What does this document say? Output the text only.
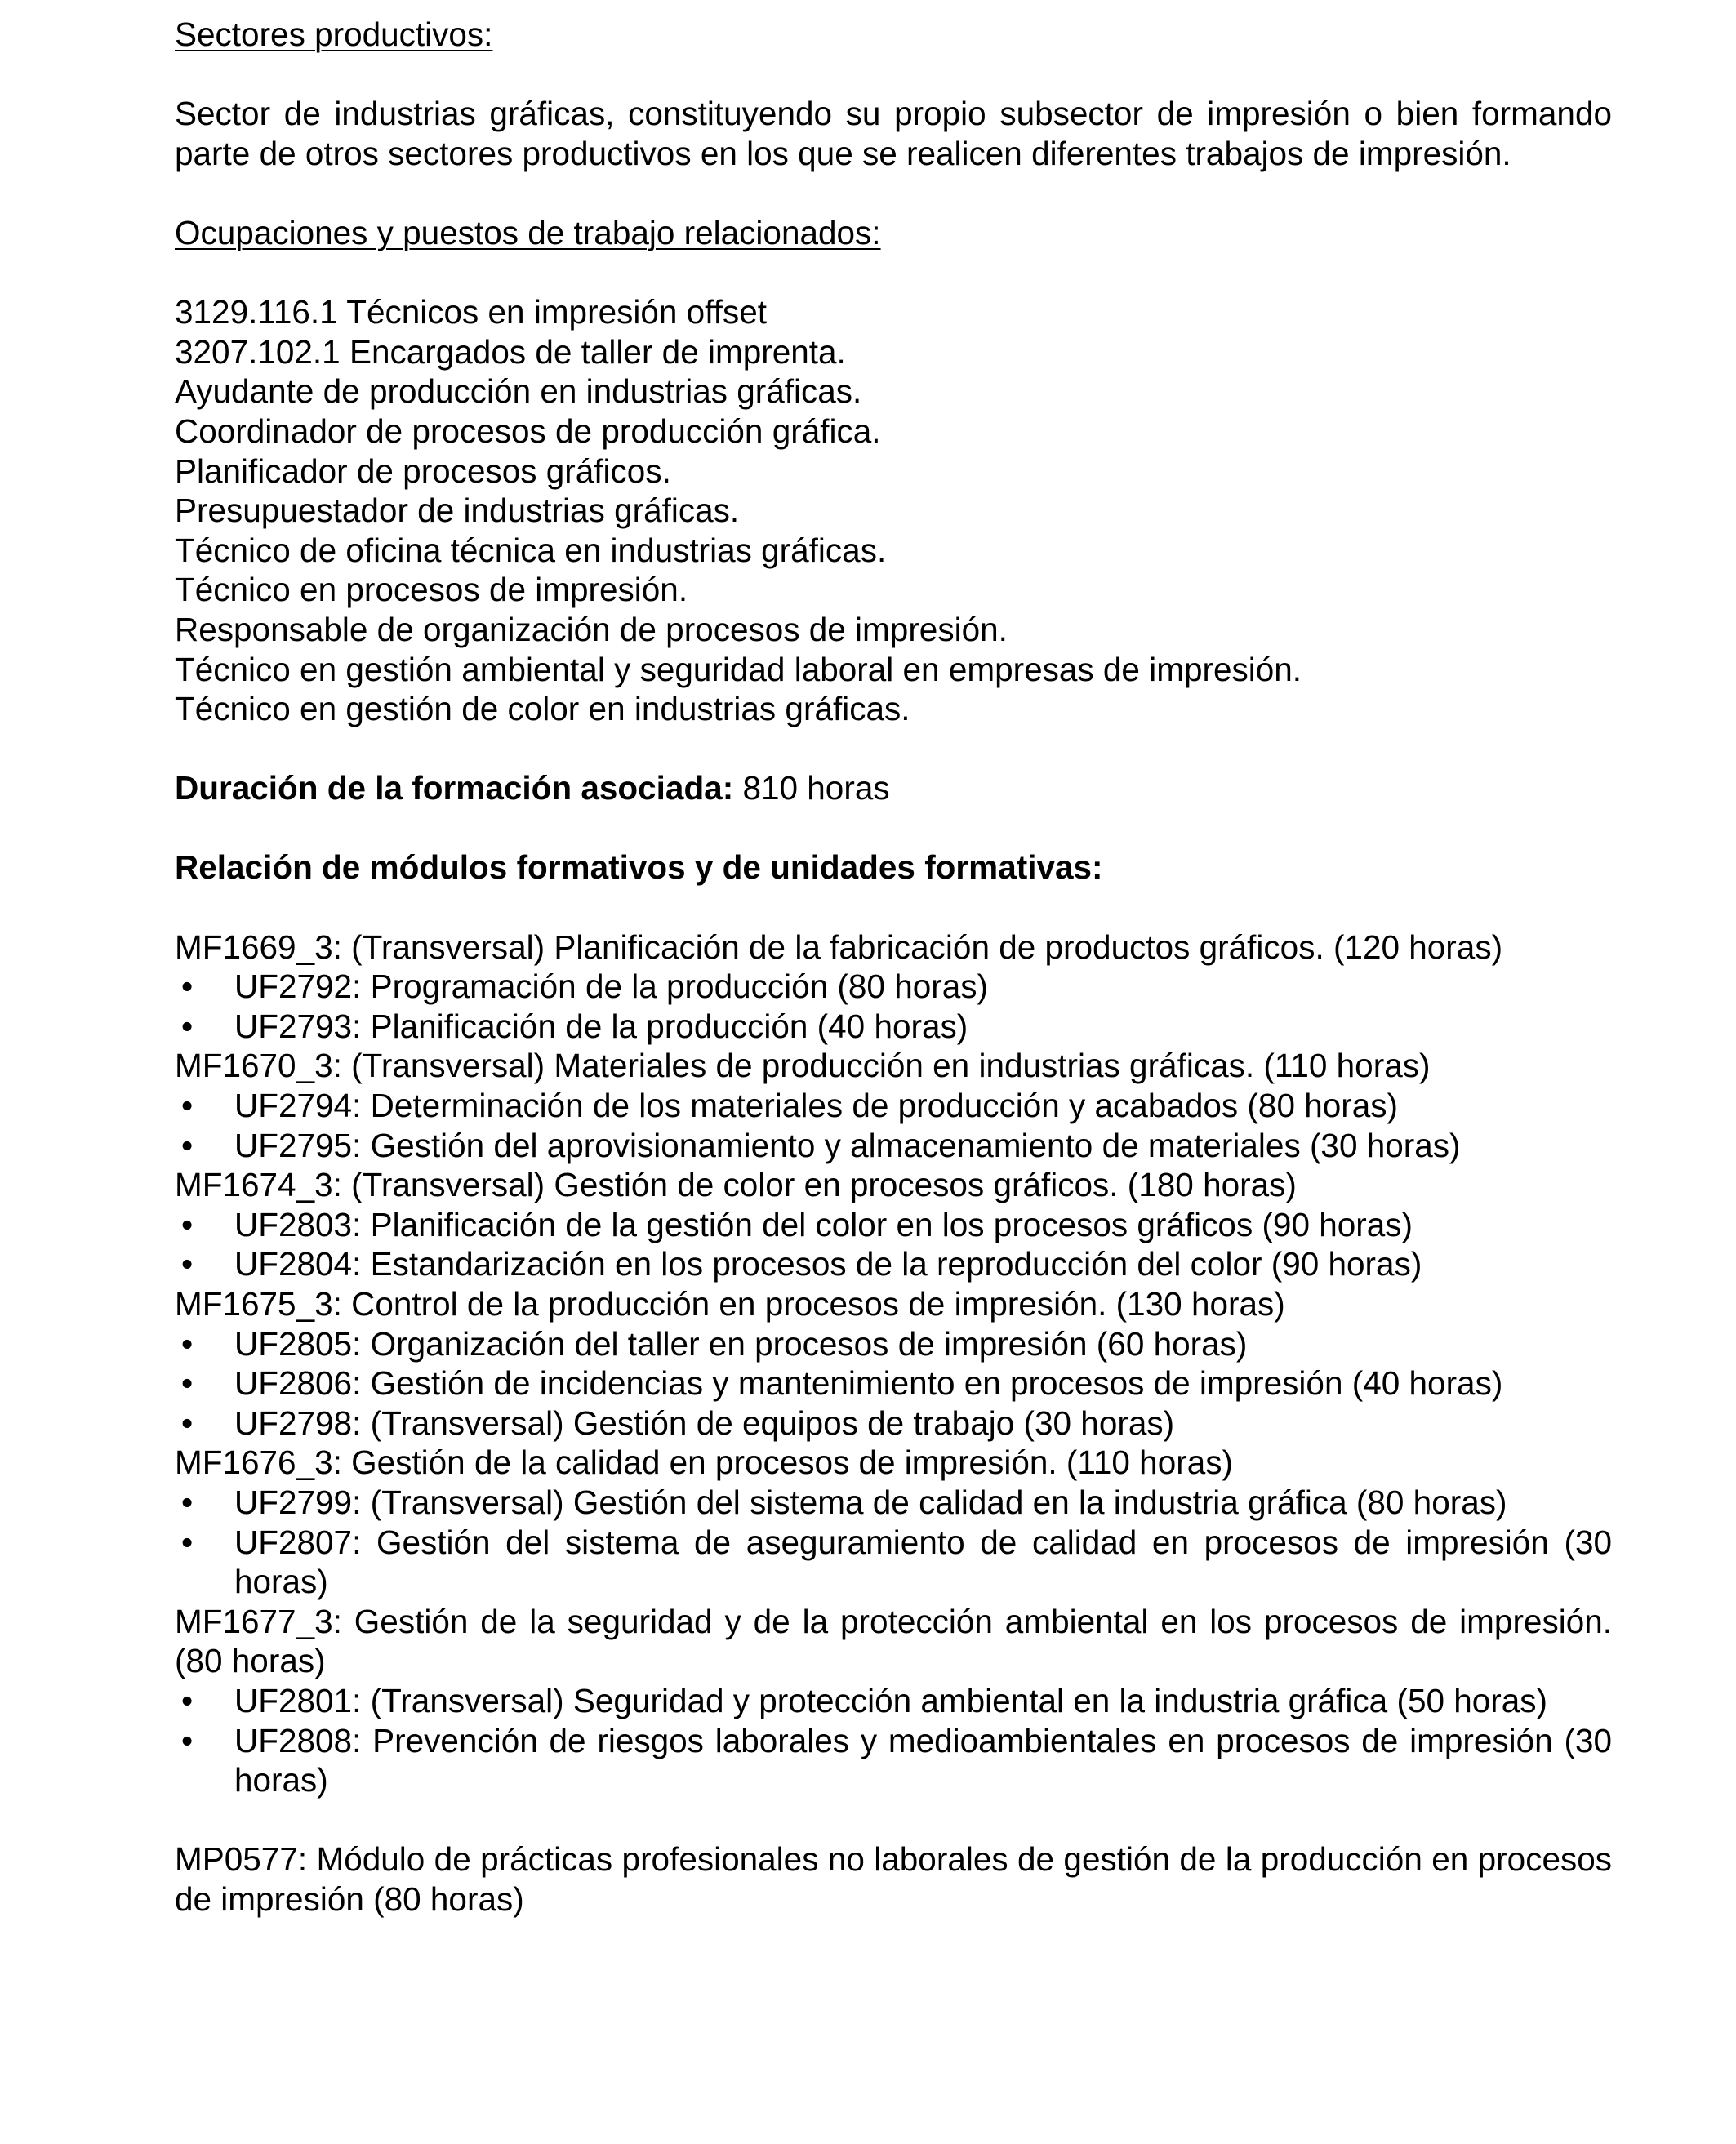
Sectores productivos:

Sector de industrias gráficas, constituyendo su propio subsector de impresión o bien formando parte de otros sectores productivos en los que se realicen diferentes trabajos de impresión.

Ocupaciones y puestos de trabajo relacionados:

3129.116.1 Técnicos en impresión offset

3207.102.1 Encargados de taller de imprenta.

Ayudante de producción en industrias gráficas.

Coordinador de procesos de producción gráfica.

Planificador de procesos gráficos.

Presupuestador de industrias gráficas.

Técnico de oficina técnica en industrias gráficas.

Técnico en procesos de impresión.

Responsable de organización de procesos de impresión.

Técnico en gestión ambiental y seguridad laboral en empresas de impresión.

Técnico en gestión de color en industrias gráficas.

Duración de la formación asociada: 810 horas

Relación de módulos formativos y de unidades formativas:

MF1669_3: (Transversal) Planificación de la fabricación de productos gráficos. (120 horas)

• UF2792: Programación de la producción (80 horas)
• UF2793: Planificación de la producción (40 horas)

MF1670_3: (Transversal) Materiales de producción en industrias gráficas. (110 horas)

• UF2794: Determinación de los materiales de producción y acabados (80 horas)
• UF2795: Gestión del aprovisionamiento y almacenamiento de materiales (30 horas)

MF1674_3: (Transversal) Gestión de color en procesos gráficos. (180 horas)

• UF2803: Planificación de la gestión del color en los procesos gráficos (90 horas)
• UF2804: Estandarización en los procesos de la reproducción del color (90 horas)

MF1675_3: Control de la producción en procesos de impresión. (130 horas)

• UF2805: Organización del taller en procesos de impresión (60 horas)
• UF2806: Gestión de incidencias y mantenimiento en procesos de impresión (40 horas)
• UF2798: (Transversal) Gestión de equipos de trabajo (30 horas)

MF1676_3: Gestión de la calidad en procesos de impresión. (110 horas)

• UF2799: (Transversal) Gestión del sistema de calidad en la industria gráfica (80 horas)
• UF2807: Gestión del sistema de aseguramiento de calidad en procesos de impresión (30 horas)

MF1677_3: Gestión de la seguridad y de la protección ambiental en los procesos de impresión. (80 horas)

• UF2801: (Transversal) Seguridad y protección ambiental en la industria gráfica (50 horas)
• UF2808: Prevención de riesgos laborales y medioambientales en procesos de impresión (30 horas)

MP0577: Módulo de prácticas profesionales no laborales de gestión de la producción en procesos de impresión (80 horas)
